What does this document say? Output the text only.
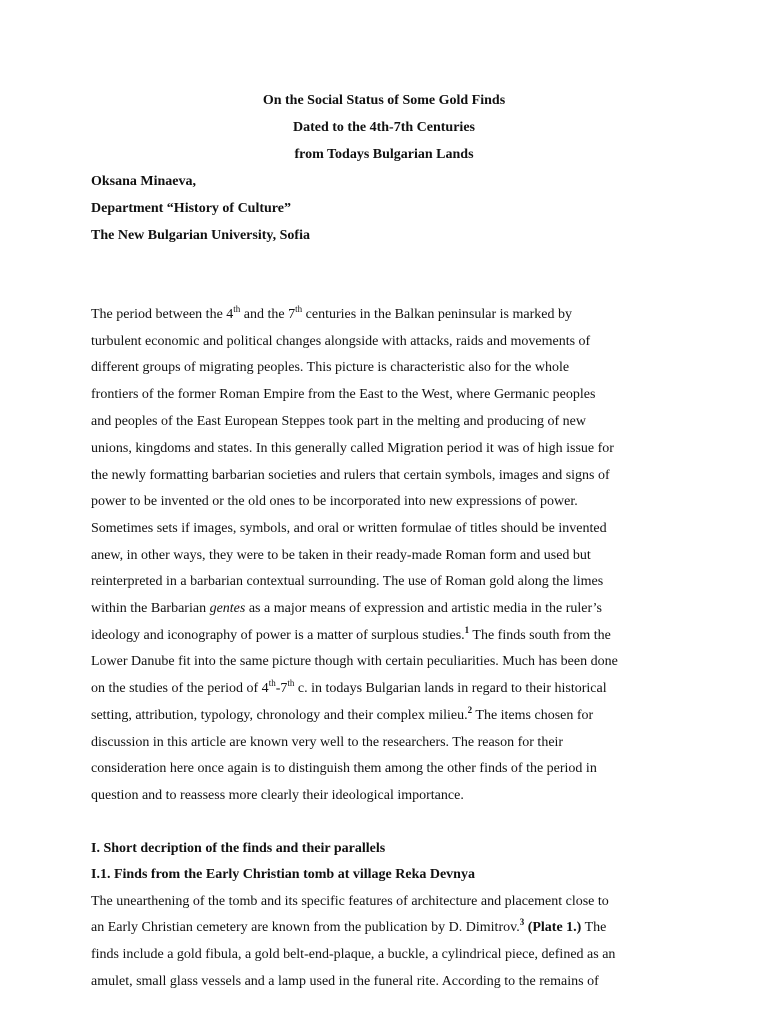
On the Social Status of Some Gold Finds
Dated to the 4th-7th Centuries
from Todays Bulgarian Lands
Oksana Minaeva,
Department “History of Culture”
The New Bulgarian University, Sofia
The period between the 4th and the 7th centuries in the Balkan peninsular is marked by
turbulent economic and political changes alongside with attacks, raids and movements of
different groups of migrating peoples. This picture is characteristic also for the whole
frontiers of the former Roman Empire from the East to the West, where Germanic peoples
and peoples of the East European Steppes took part in the melting and producing of new
unions, kingdoms and states. In this generally called Migration period it was of high issue for
the newly formatting barbarian societies and rulers that certain symbols, images and signs of
power to be invented or the old ones to be incorporated into new expressions of power.
Sometimes sets if images, symbols, and oral or written formulae of titles should be invented
anew, in other ways, they were to be taken in their ready-made Roman form and used but
reinterpreted in a barbarian contextual surrounding. The use of Roman gold along the limes
within the Barbarian gentes as a major means of expression and artistic media in the ruler’s
ideology and iconography of power is a matter of surplous studies.$^1$ The finds south from the
Lower Danube fit into the same picture though with certain peculiarities. Much has been done
on the studies of the period of 4th-7th c. in todays Bulgarian lands in regard to their historical
setting, attribution, typology, chronology and their complex milieu.$^2$ The items chosen for
discussion in this article are known very well to the researchers. The reason for their
consideration here once again is to distinguish them among the other finds of the period in
question and to reassess more clearly their ideological importance.
I. Short decription of the finds and their parallels
I.1. Finds from the Early Christian tomb at village Reka Devnya
The unearthening of the tomb and its specific features of architecture and placement close to
an Early Christian cemetery are known from the publication by D. Dimitrov.$^3$ (Plate 1.) The
finds include a gold fibula, a gold belt-end-plaque, a buckle, a cylindrical piece, defined as an
amulet, small glass vessels and a lamp used in the funeral rite. According to the remains of
